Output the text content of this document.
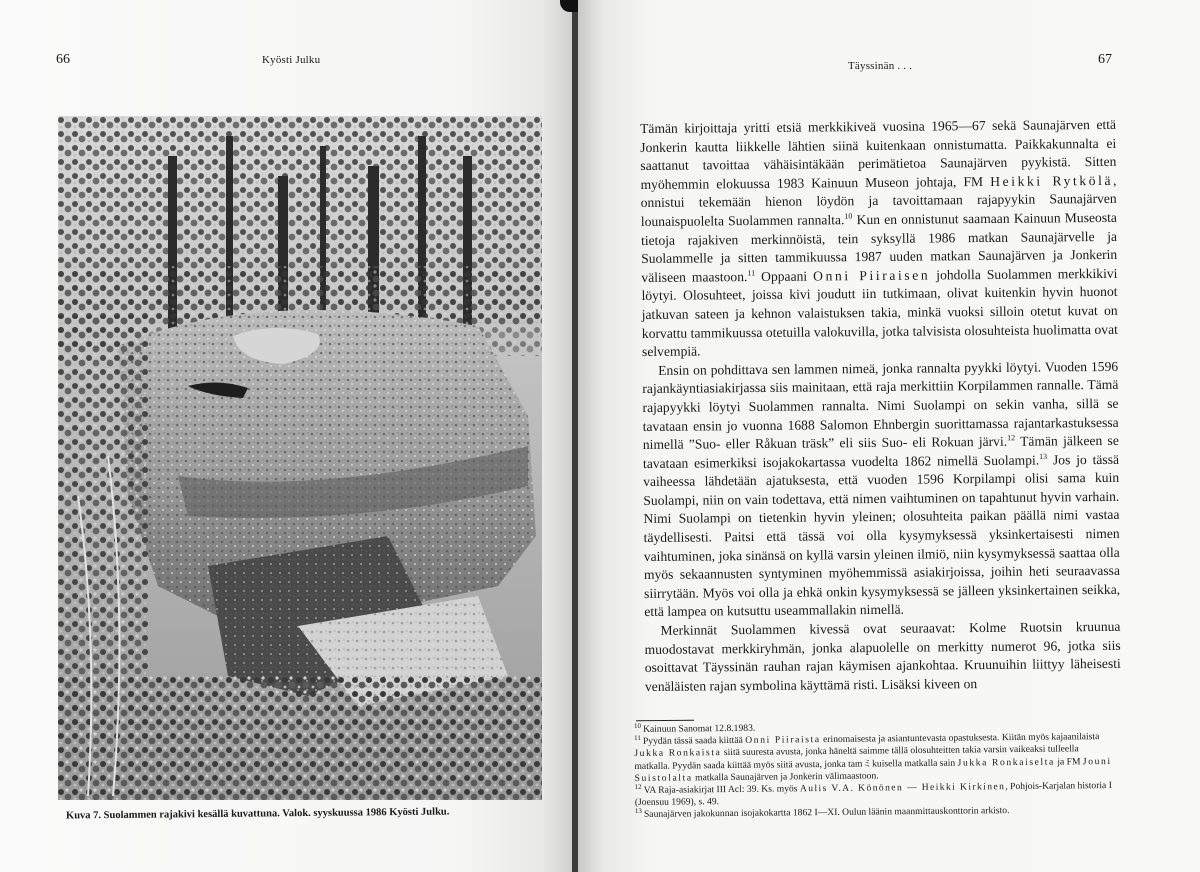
66	Kyösti Julku
Kuva 7. Suolammen rajakivi kesällä kuvattuna. Valok. syyskuussa 1986 Kyösti Julku.
Täyssinän . . .	67

Tämän kirjoittaja yritti etsiä merkkikiveä vuosina 1965—67 sekä Saunajärven että Jonkerin kautta liikkelle lähtien siinä kuitenkaan onnistumatta. Paikkakunnalta ei saattanut tavoittaa vähäisintäkään perimätietoa Saunajärven pyykistä. Sitten myöhemmin elokuussa 1983 Kainuun Museon johtaja, FM Heikki Rytkölä, onnistui tekemään hienon löydön ja tavoittamaan rajapyykin Saunajärven lounaispuolelta Suolammen rannalta.$^{10}$ Kun en onnistunut saamaan Kainuun Museosta tietoja rajakiven merkinnöistä, tein syksyllä 1986 matkan Saunajärvelle ja Suolammelle ja sitten tammikuussa 1987 uuden matkan Saunajärven ja Jonkerin väliseen maastoon.$^{11}$ Oppaani Onni Piiraisen johdolla Suolammen merkkikivi löytyi. Olosuhteet, joissa kivi joudutt iin tutkimaan, olivat kuitenkin hyvin huonot jatkuvan sateen ja kehnon valaistuksen takia, minkä vuoksi silloin otetut kuvat on korvattu tammikuussa otetuilla valokuvilla, jotka talvisista olosuhteista huolimatta ovat selvempiä.

Ensin on pohdittava sen lammen nimeä, jonka rannalta pyykki löytyi. Vuoden 1596 rajankäyntiasiakirjassa siis mainitaan, että raja merkittiin Korpilammen rannalle. Tämä rajapyykki löytyi Suolammen rannalta. Nimi Suolampi on sekin vanha, sillä se tavataan ensin jo vuonna 1688 Salomon Ehnbergin suorittamassa rajantarkastuksessa nimellä ”Suo- eller Råkuan träsk” eli siis Suo- eli Rokuan järvi.$^{12}$ Tämän jälkeen se tavataan esimerkiksi isojakokartassa vuodelta 1862 nimellä Suolampi.$^{13}$ Jos jo tässä vaiheessa lähdetään ajatuksesta, että vuoden 1596 Korpilampi olisi sama kuin Suolampi, niin on vain todettava, että nimen vaihtuminen on tapahtunut hyvin varhain. Nimi Suolampi on tietenkin hyvin yleinen; olosuhteita paikan päällä nimi vastaa täydellisesti. Paitsi että tässä voi olla kysymyksessä yksinkertaisesti nimen vaihtuminen, joka sinänsä on kyllä varsin yleinen ilmiö, niin kysymyksessä saattaa olla myös sekaannusten syntyminen myöhemmissä asiakirjoissa, joihin heti seuraavassa siirrytään. Myös voi olla ja ehkä onkin kysymyksessä se jälleen yksinkertainen seikka, että lampea on kutsuttu useammallakin nimellä.

Merkinnät Suolammen kivessä ovat seuraavat: Kolme Ruotsin kruunua muodostavat merkkiryhmän, jonka alapuolelle on merkitty numerot 96, jotka siis osoittavat Täyssinän rauhan rajan käymisen ajankohtaa. Kruunuihin liittyy läheisesti venäläisten rajan symbolina käyttämä risti. Lisäksi kiveen on

$^{10}$ Kainuun Sanomat 12.8.1983.
$^{11}$ Pyydän tässä saada kiittää Onni Piiraista erinomaisesta ja asiantuntevasta opastuksesta. Kiitän myös kajaanilaista Jukka Ronkaista siitä suuresta avusta, jonka häneltä saimme tällä olosuhteitten takia varsin vaikeaksi tulleella matkalla. Pyydän saada kiittää myös siitä avusta, jonka tamミkuisella matkalla sain Jukka Ronkaiselta ja FM Jouni Suistolalta matkalla Saunajärven ja Jonkerin välimaastoon.
$^{12}$ VA Raja-asiakirjat III Acl: 39. Ks. myös Aulis V.A. Könönen — Heikki Kirkinen, Pohjois-Karjalan historia I (Joensuu 1969), s. 49.
$^{13}$ Saunajärven jakokunnan isojakokartta 1862 I—XI. Oulun läänin maanmittauskonttorin arkisto.
